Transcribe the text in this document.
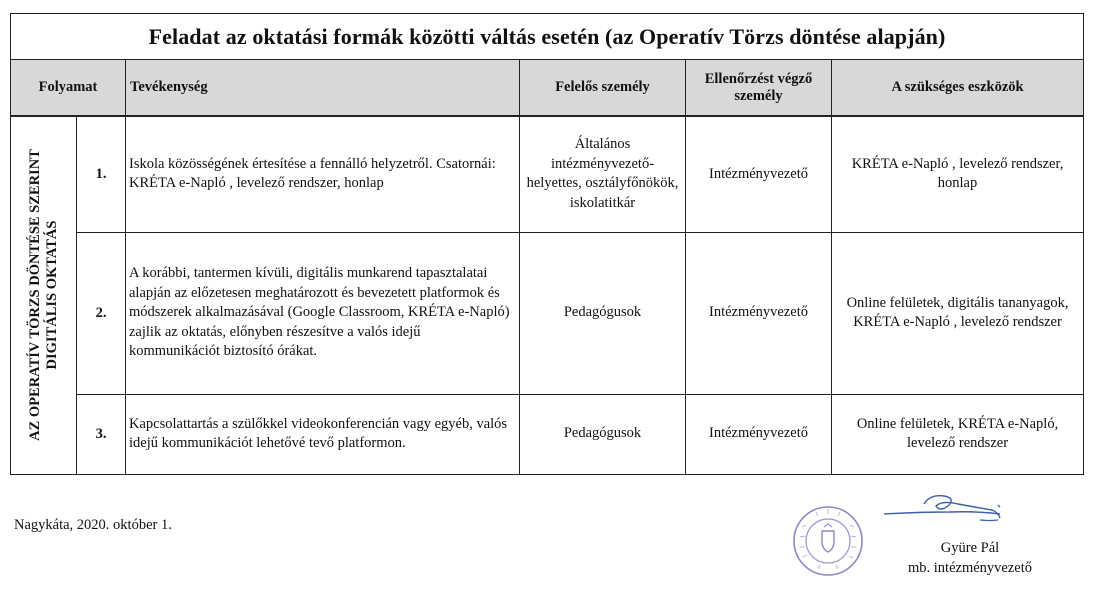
Feladat az oktatási formák közötti váltás esetén (az Operatív Törzs döntése alapján)					
Folyamat		Tevékenység	Felelős személy	Ellenőrzést végző személy	A szükséges eszközök

AZ OPERATÍV TÖRZS DÖNTÉSE SZERINT DIGITÁLIS OKTATÁS	1.	Iskola közösségének értesítése a fennálló helyzetről. Csatornái: KRÉTA e-Napló , levelező rendszer, honlap	Általános intézményvezető-helyettes, osztályfőnökök, iskolatitkár	Intézményvezető	KRÉTA e-Napló , levelező rendszer, honlap
	2.	A korábbi, tantermen kívüli, digitális munkarend tapasztalatai alapján az előzetesen meghatározott és bevezetett platformok és módszerek alkalmazásával (Google Classroom, KRÉTA e-Napló) zajlik az oktatás, előnyben részesítve a valós idejű kommunikációt biztosító órákat.	Pedagógusok	Intézményvezető	Online felületek, digitális tananyagok, KRÉTA e-Napló , levelező rendszer
	3.	Kapcsolattartás a szülőkkel videokonferencián vagy egyéb, valós idejű kommunikációt lehetővé tevő platformon.	Pedagógusok	Intézményvezető	Online felületek, KRÉTA e-Napló, levelező rendszer
Nagykáta, 2020. október 1.
Gyüre Pál
mb. intézményvezető
